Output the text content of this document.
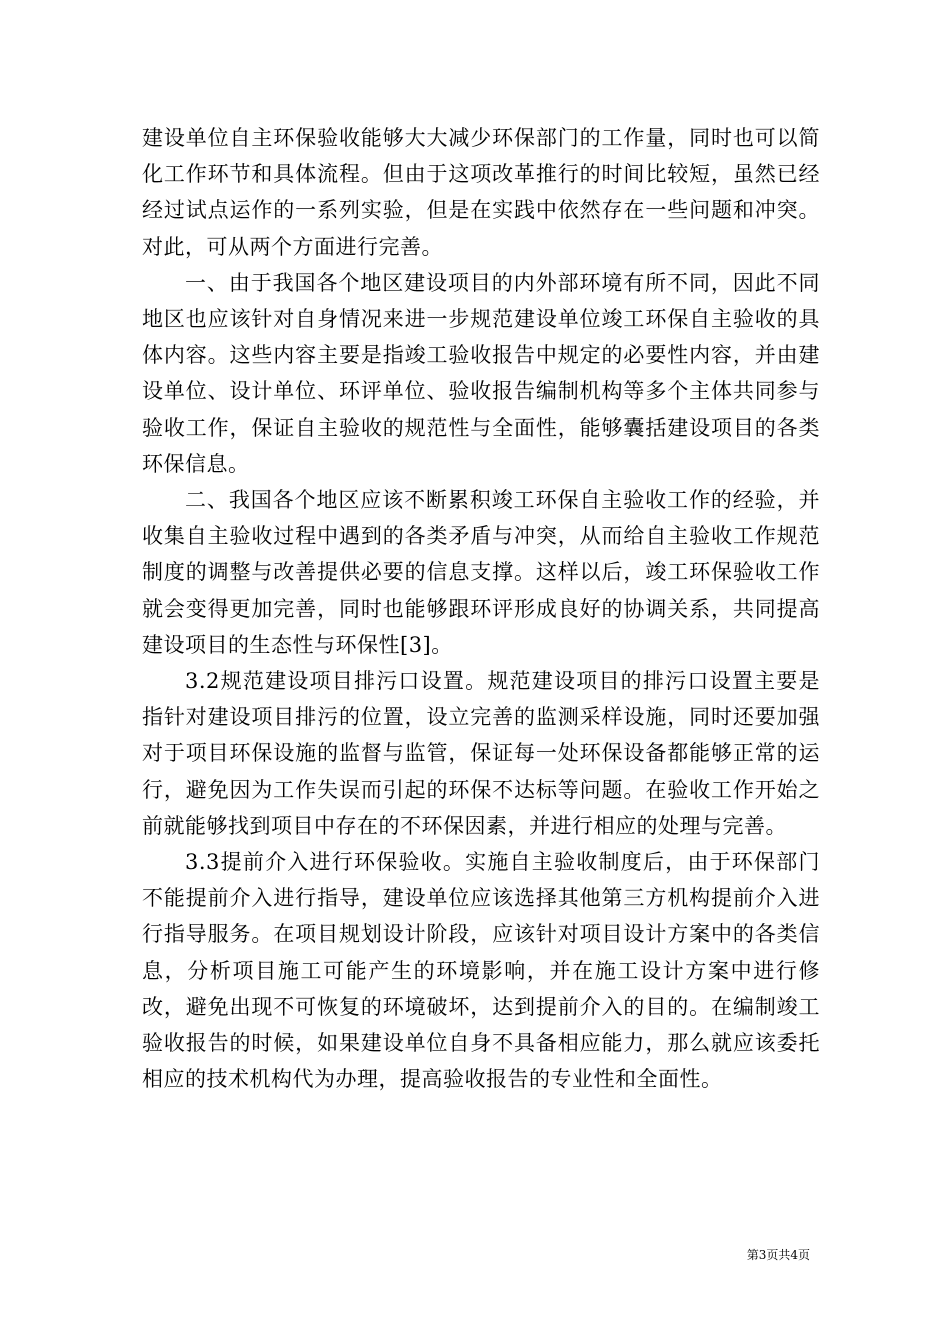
建设单位自主环保验收能够大大减少环保部门的工作量，同时也可以简化工作环节和具体流程。但由于这项改革推行的时间比较短，虽然已经经过试点运作的一系列实验，但是在实践中依然存在一些问题和冲突。对此，可从两个方面进行完善。

一、由于我国各个地区建设项目的内外部环境有所不同，因此不同地区也应该针对自身情况来进一步规范建设单位竣工环保自主验收的具体内容。这些内容主要是指竣工验收报告中规定的必要性内容，并由建设单位、设计单位、环评单位、验收报告编制机构等多个主体共同参与验收工作，保证自主验收的规范性与全面性，能够囊括建设项目的各类环保信息。

二、我国各个地区应该不断累积竣工环保自主验收工作的经验，并收集自主验收过程中遇到的各类矛盾与冲突，从而给自主验收工作规范制度的调整与改善提供必要的信息支撑。这样以后，竣工环保验收工作就会变得更加完善，同时也能够跟环评形成良好的协调关系，共同提高建设项目的生态性与环保性[3]。

3.2规范建设项目排污口设置。规范建设项目的排污口设置主要是指针对建设项目排污的位置，设立完善的监测采样设施，同时还要加强对于项目环保设施的监督与监管，保证每一处环保设备都能够正常的运行，避免因为工作失误而引起的环保不达标等问题。在验收工作开始之前就能够找到项目中存在的不环保因素，并进行相应的处理与完善。

3.3提前介入进行环保验收。实施自主验收制度后，由于环保部门不能提前介入进行指导，建设单位应该选择其他第三方机构提前介入进行指导服务。在项目规划设计阶段，应该针对项目设计方案中的各类信息，分析项目施工可能产生的环境影响，并在施工设计方案中进行修改，避免出现不可恢复的环境破坏，达到提前介入的目的。在编制竣工验收报告的时候，如果建设单位自身不具备相应能力，那么就应该委托相应的技术机构代为办理，提高验收报告的专业性和全面性。

第3页共4页
